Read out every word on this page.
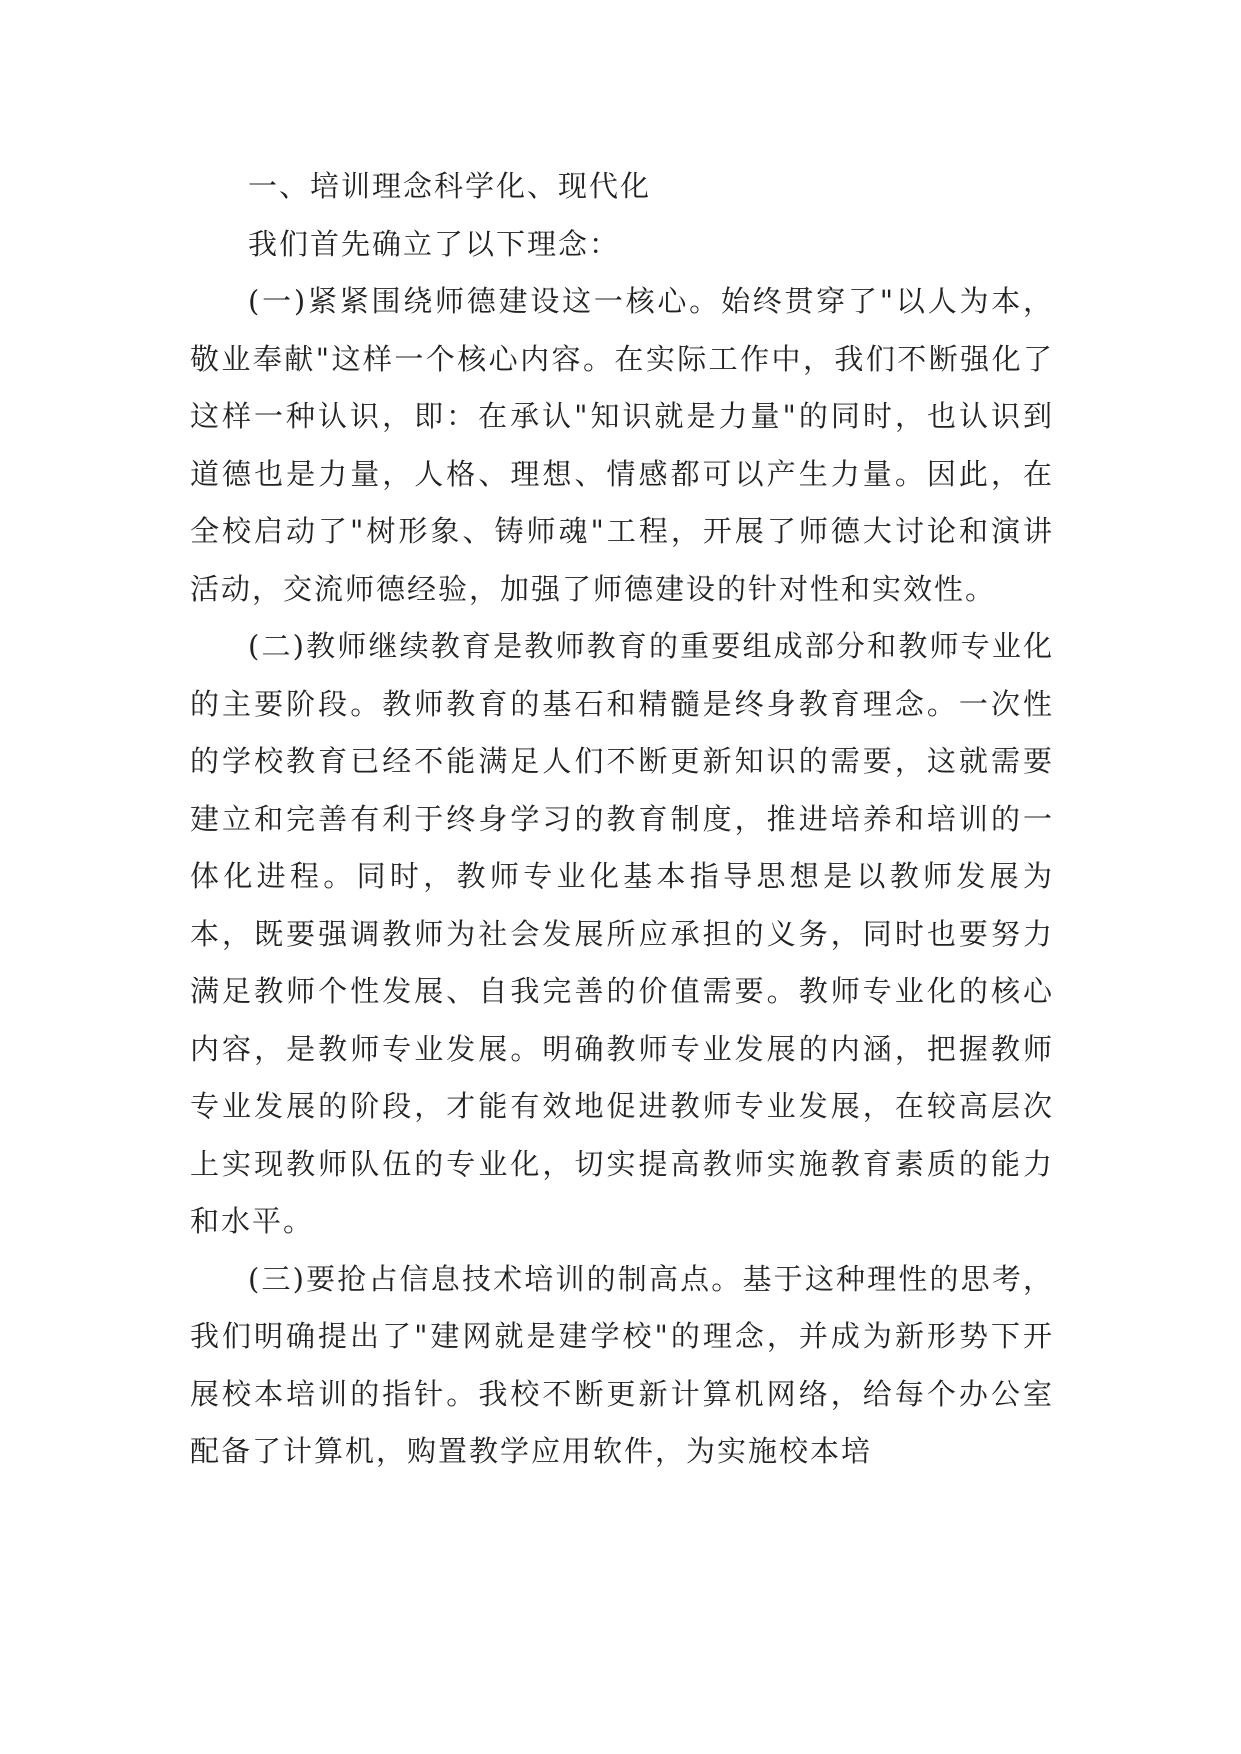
一、培训理念科学化、现代化

我们首先确立了以下理念：

(一)紧紧围绕师德建设这一核心。始终贯穿了"以人为本，敬业奉献"这样一个核心内容。在实际工作中，我们不断强化了这样一种认识，即：在承认"知识就是力量"的同时，也认识到道德也是力量，人格、理想、情感都可以产生力量。因此，在全校启动了"树形象、铸师魂"工程，开展了师德大讨论和演讲活动，交流师德经验，加强了师德建设的针对性和实效性。

(二)教师继续教育是教师教育的重要组成部分和教师专业化的主要阶段。教师教育的基石和精髓是终身教育理念。一次性的学校教育已经不能满足人们不断更新知识的需要，这就需要建立和完善有利于终身学习的教育制度，推进培养和培训的一体化进程。同时，教师专业化基本指导思想是以教师发展为本，既要强调教师为社会发展所应承担的义务，同时也要努力满足教师个性发展、自我完善的价值需要。教师专业化的核心内容，是教师专业发展。明确教师专业发展的内涵，把握教师专业发展的阶段，才能有效地促进教师专业发展，在较高层次上实现教师队伍的专业化，切实提高教师实施教育素质的能力和水平。

(三)要抢占信息技术培训的制高点。基于这种理性的思考，我们明确提出了"建网就是建学校"的理念，并成为新形势下开展校本培训的指针。我校不断更新计算机网络，给每个办公室配备了计算机，购置教学应用软件，为实施校本培
